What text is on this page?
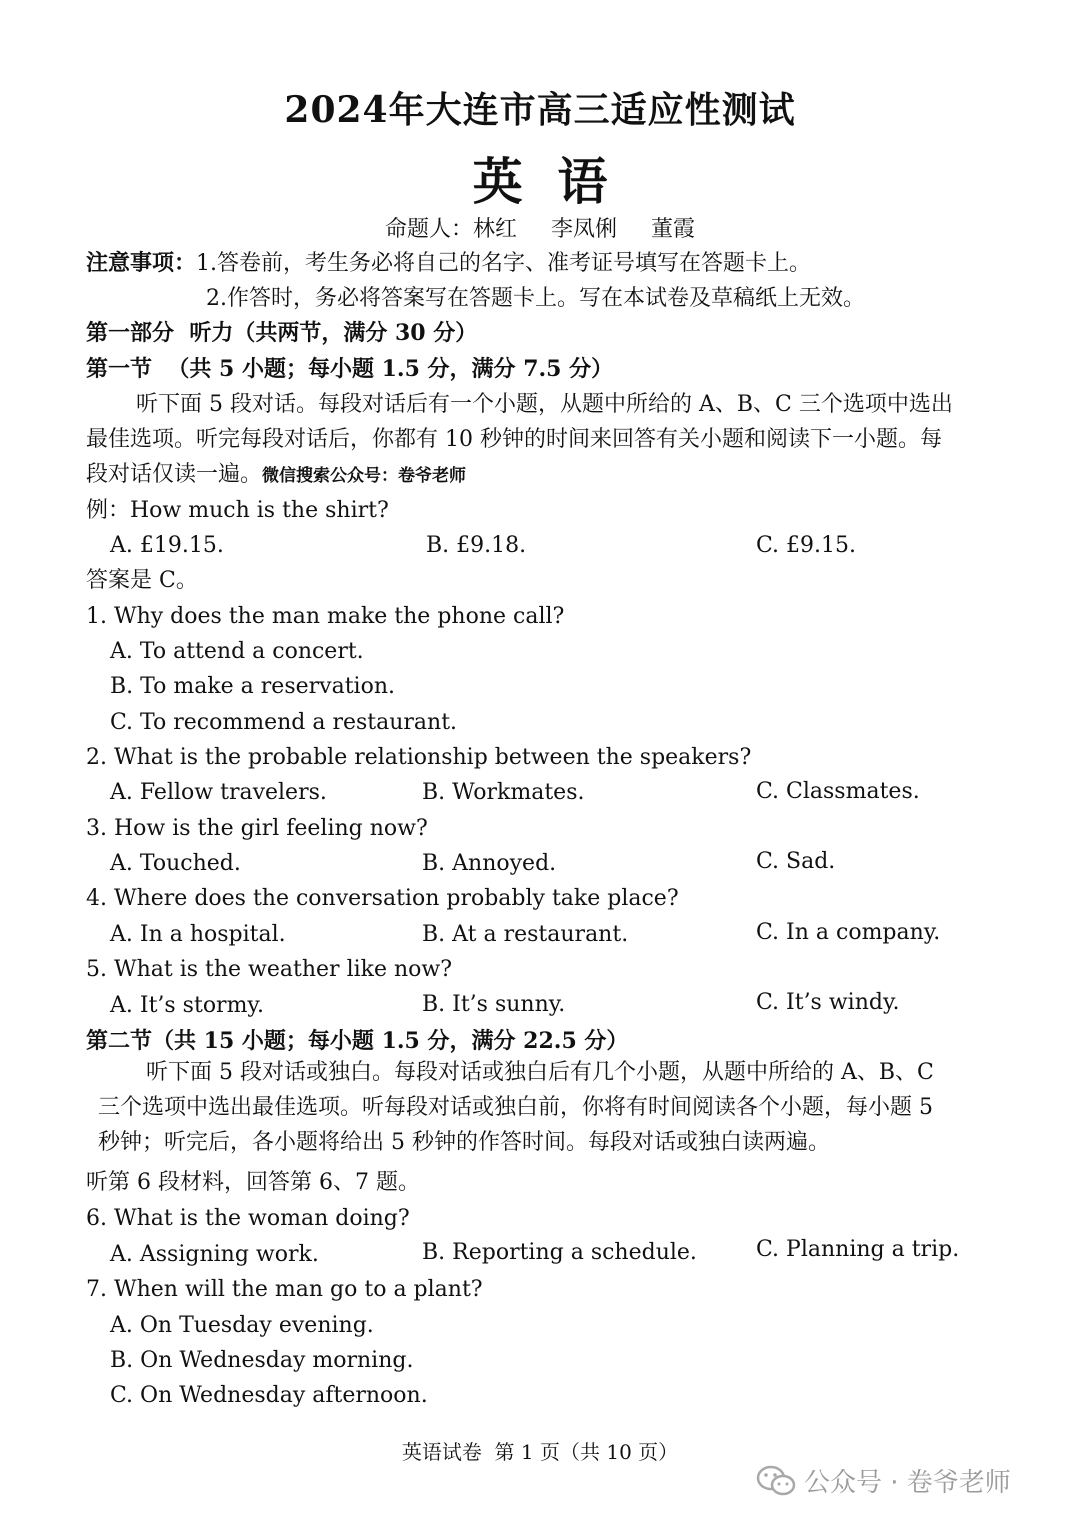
2024年大连市高三适应性测试
英  语
命题人：林红  李凤俐  董霞
注意事项：1.答卷前，考生务必将自己的名字、准考证号填写在答题卡上。
2.作答时，务必将答案写在答题卡上。写在本试卷及草稿纸上无效。
第一部分  听力（共两节，满分 30 分）
第一节  （共 5 小题；每小题 1.5 分，满分 7.5 分）
听下面 5 段对话。每段对话后有一个小题，从题中所给的 A、B、C 三个选项中选出
最佳选项。听完每段对话后，你都有 10 秒钟的时间来回答有关小题和阅读下一小题。每
段对话仅读一遍。微信搜索公众号：卷爷老师
例：How much is the shirt?
A. £19.15.	B. £9.18.	C. £9.15.
答案是 C。
1. Why does the man make the phone call?
A. To attend a concert.
B. To make a reservation.
C. To recommend a restaurant.
2. What is the probable relationship between the speakers?
A. Fellow travelers.	B. Workmates.	C. Classmates.
3. How is the girl feeling now?
A. Touched.	B. Annoyed.	C. Sad.
4. Where does the conversation probably take place?
A. In a hospital.	B. At a restaurant.	C. In a company.
5. What is the weather like now?
A. It’s stormy.	B. It’s sunny.	C. It’s windy.
第二节（共 15 小题；每小题 1.5 分，满分 22.5 分）
听下面 5 段对话或独白。每段对话或独白后有几个小题，从题中所给的 A、B、C
三个选项中选出最佳选项。听每段对话或独白前，你将有时间阅读各个小题，每小题 5
秒钟；听完后，各小题将给出 5 秒钟的作答时间。每段对话或独白读两遍。
听第 6 段材料，回答第 6、7 题。
6. What is the woman doing?
A. Assigning work.	B. Reporting a schedule.	C. Planning a trip.
7. When will the man go to a plant?
A. On Tuesday evening.
B. On Wednesday morning.
C. On Wednesday afternoon.
英语试卷  第 1 页（共 10 页）
公众号 · 卷爷老师
